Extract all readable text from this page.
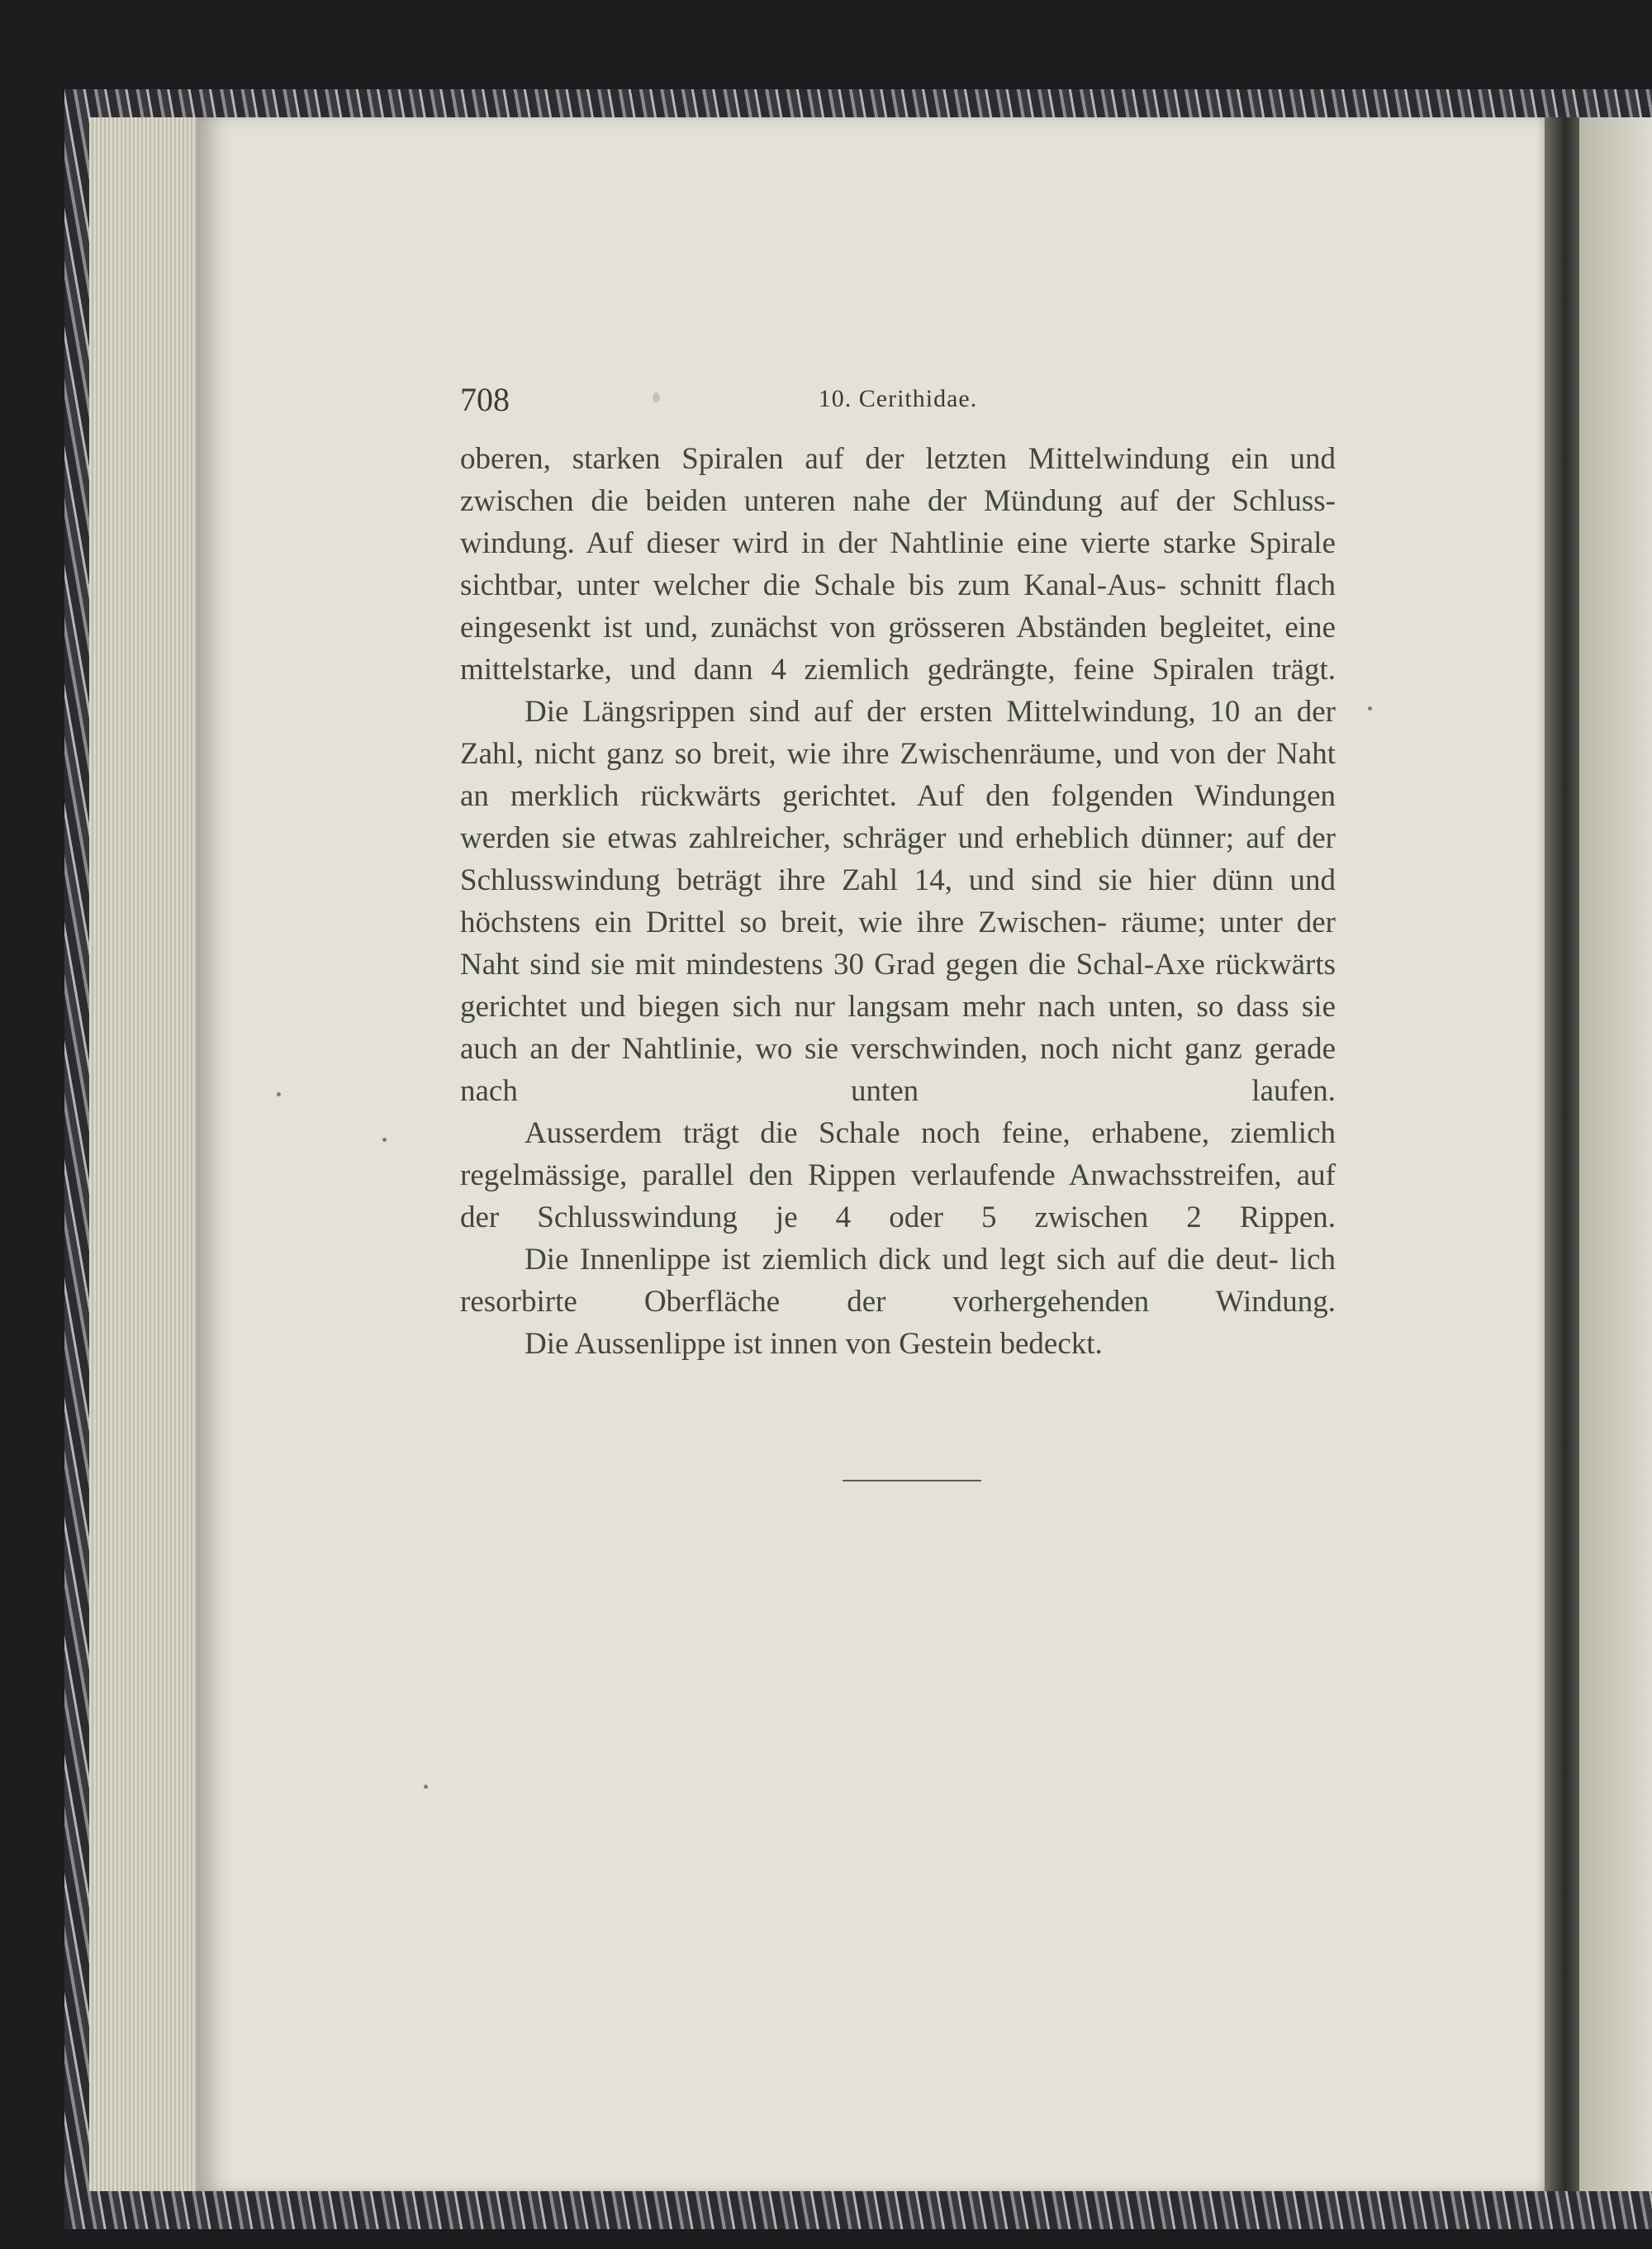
708	10. Cerithidae.

oberen, starken Spiralen auf der letzten Mittelwindung ein und zwischen die beiden unteren nahe der Mündung auf der Schluss- windung. Auf dieser wird in der Nahtlinie eine vierte starke Spirale sichtbar, unter welcher die Schale bis zum Kanal-Aus- schnitt flach eingesenkt ist und, zunächst von grösseren Abständen begleitet, eine mittelstarke, und dann 4 ziemlich gedrängte, feine Spiralen trägt.

Die Längsrippen sind auf der ersten Mittelwindung, 10 an der Zahl, nicht ganz so breit, wie ihre Zwischenräume, und von der Naht an merklich rückwärts gerichtet. Auf den folgenden Windungen werden sie etwas zahlreicher, schräger und erheblich dünner; auf der Schlusswindung beträgt ihre Zahl 14, und sind sie hier dünn und höchstens ein Drittel so breit, wie ihre Zwischen- räume; unter der Naht sind sie mit mindestens 30 Grad gegen die Schal-Axe rückwärts gerichtet und biegen sich nur langsam mehr nach unten, so dass sie auch an der Nahtlinie, wo sie verschwinden, noch nicht ganz gerade nach unten laufen.

Ausserdem trägt die Schale noch feine, erhabene, ziemlich regelmässige, parallel den Rippen verlaufende Anwachsstreifen, auf der Schlusswindung je 4 oder 5 zwischen 2 Rippen.

Die Innenlippe ist ziemlich dick und legt sich auf die deut- lich resorbirte Oberfläche der vorhergehenden Windung.

Die Aussenlippe ist innen von Gestein bedeckt.
